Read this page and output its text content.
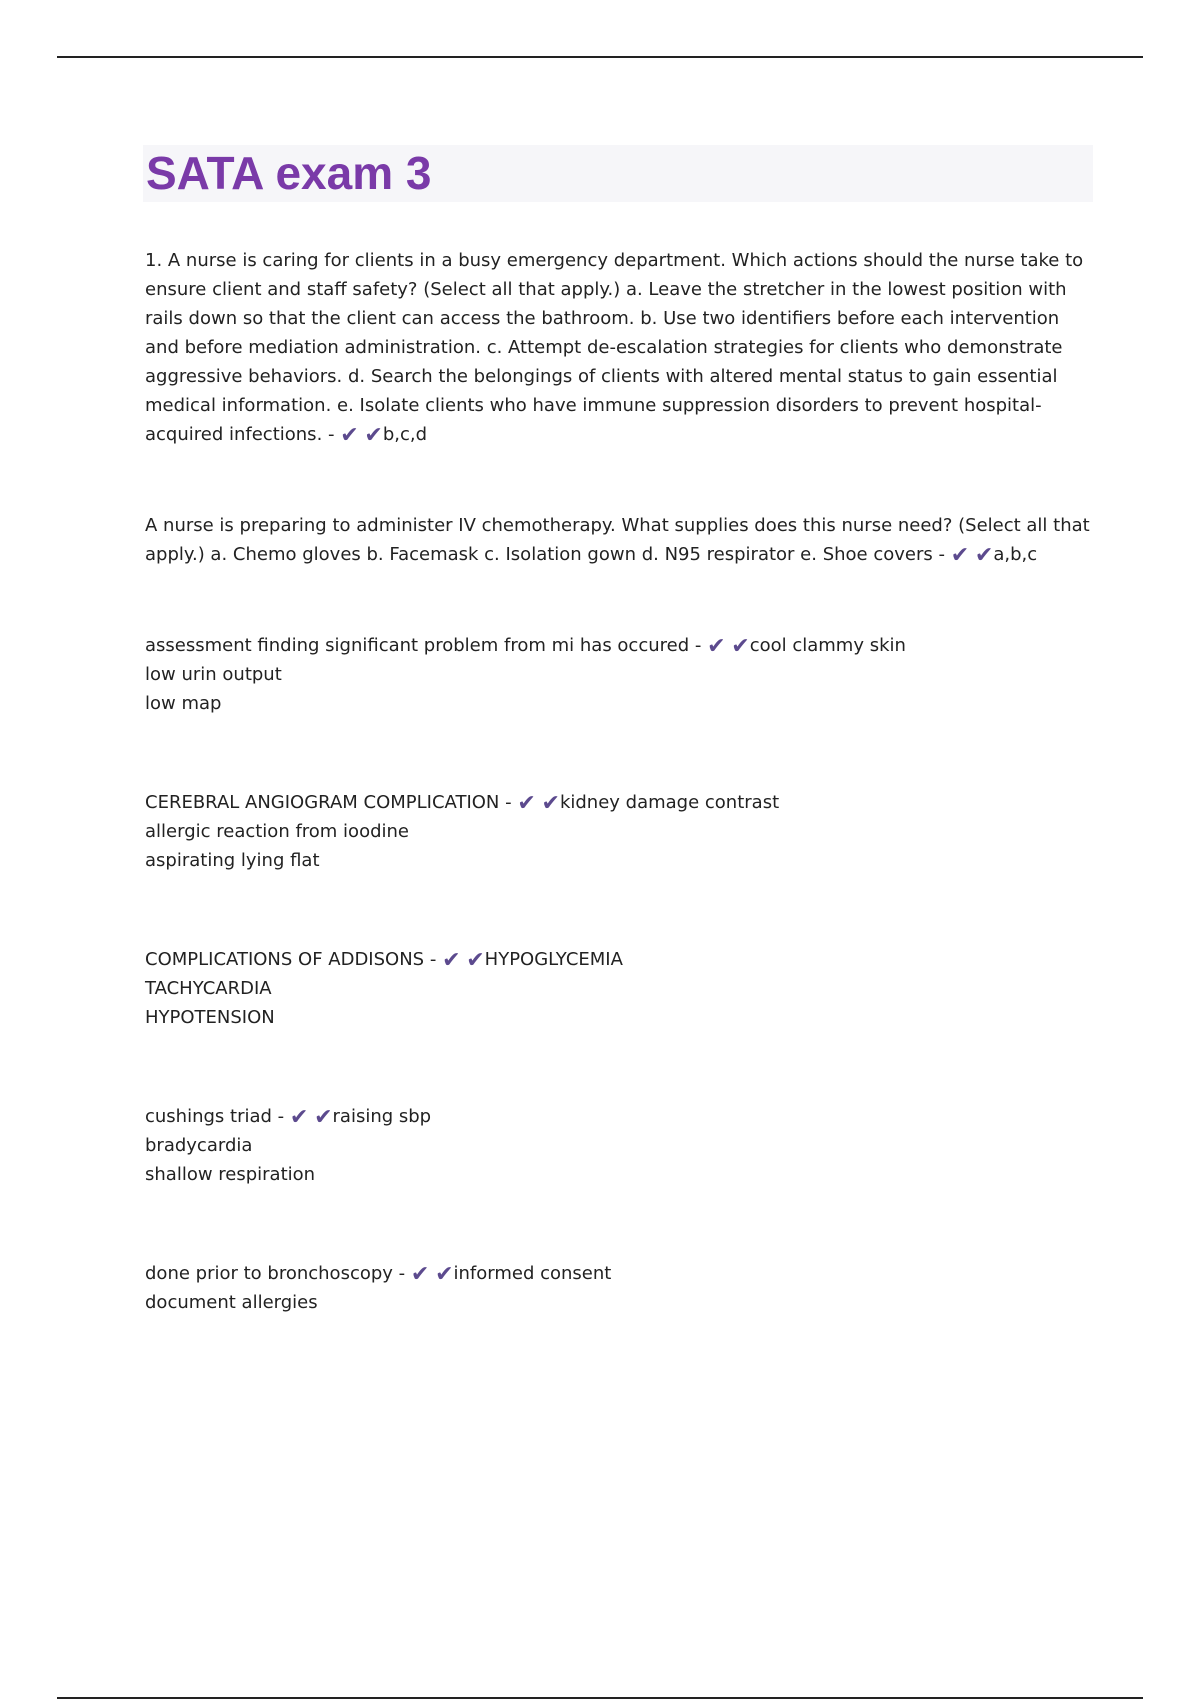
SATA exam 3

1. A nurse is caring for clients in a busy emergency department. Which actions should the nurse take to ensure client and staff safety? (Select all that apply.) a. Leave the stretcher in the lowest position with rails down so that the client can access the bathroom. b. Use two identifiers before each intervention and before mediation administration. c. Attempt de-escalation strategies for clients who demonstrate aggressive behaviors. d. Search the belongings of clients with altered mental status to gain essential medical information. e. Isolate clients who have immune suppression disorders to prevent hospital-acquired infections. - ✔ ✔b,c,d

A nurse is preparing to administer IV chemotherapy. What supplies does this nurse need? (Select all that apply.) a. Chemo gloves b. Facemask c. Isolation gown d. N95 respirator e. Shoe covers - ✔ ✔a,b,c

assessment finding significant problem from mi has occured - ✔ ✔cool clammy skin

low urin output

low map

CEREBRAL ANGIOGRAM COMPLICATION - ✔ ✔kidney damage contrast

allergic reaction from ioodine

aspirating lying flat

COMPLICATIONS OF ADDISONS - ✔ ✔HYPOGLYCEMIA

TACHYCARDIA

HYPOTENSION

cushings triad - ✔ ✔raising sbp

bradycardia

shallow respiration

done prior to bronchoscopy - ✔ ✔informed consent

document allergies
